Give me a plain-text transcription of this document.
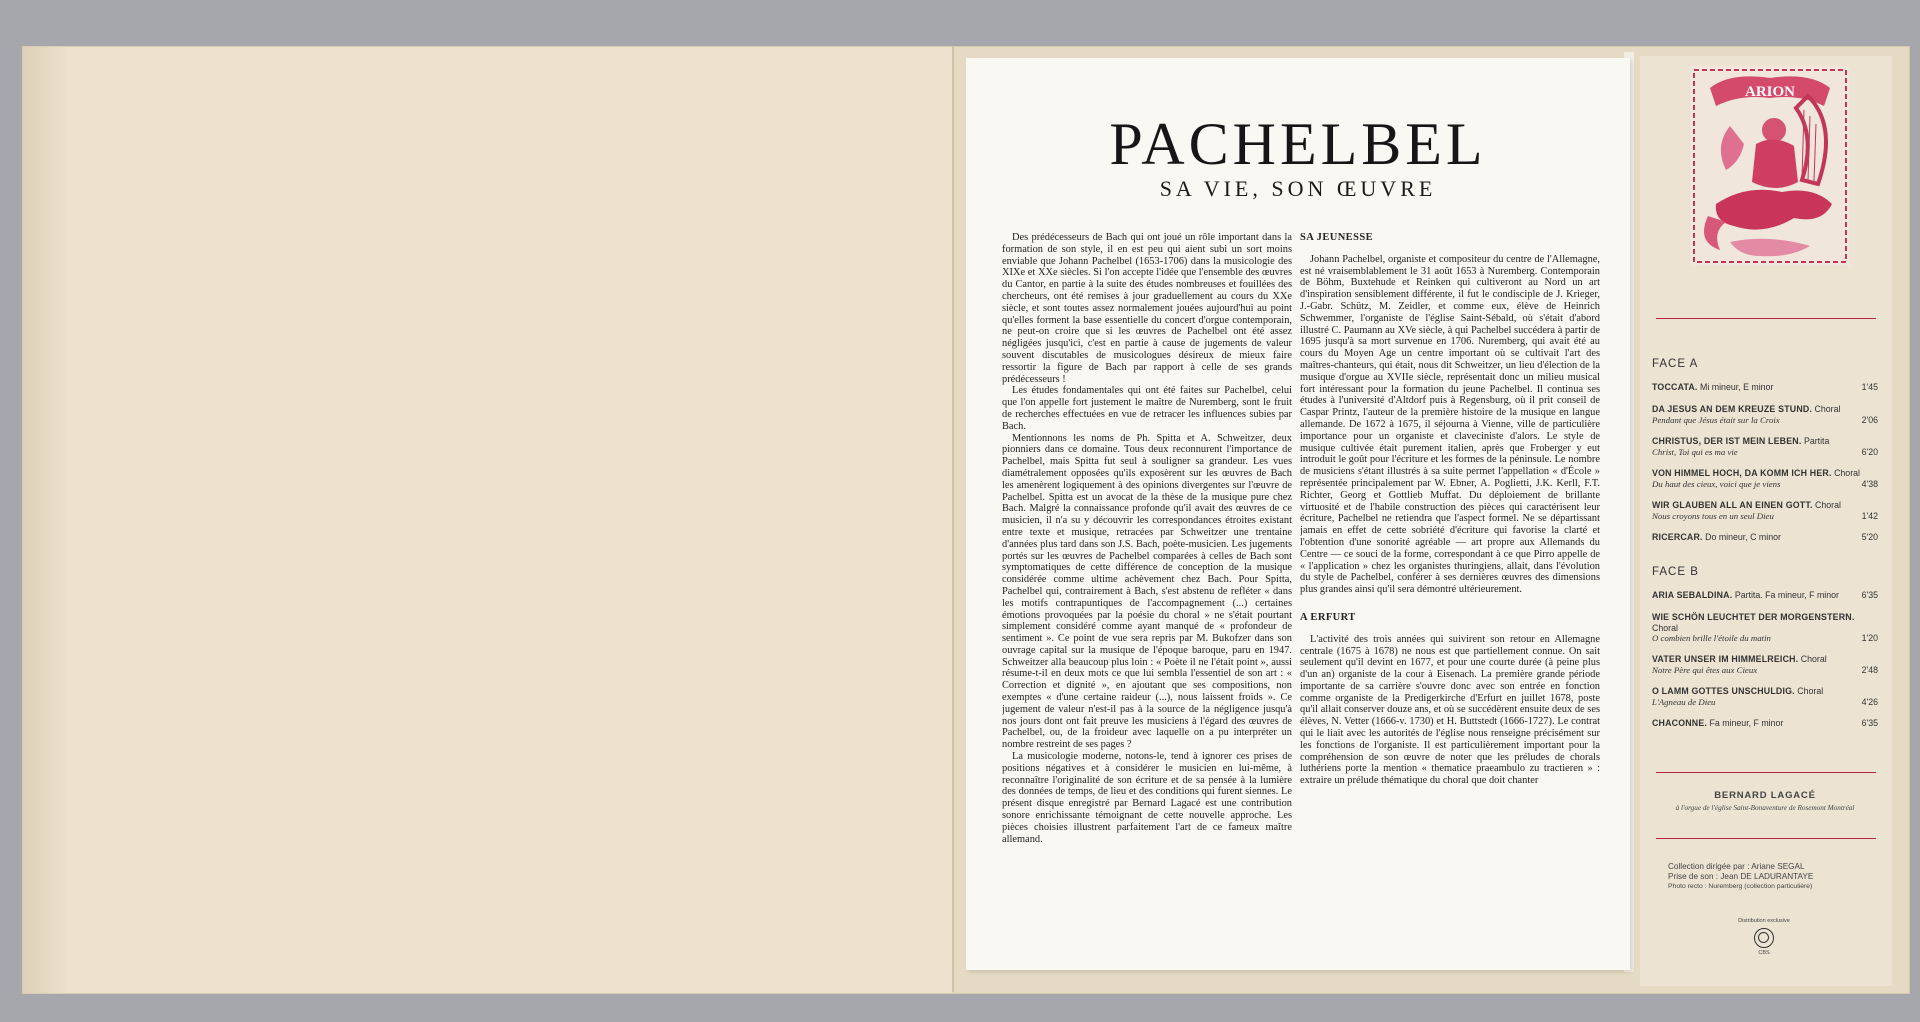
PACHELBEL
SA VIE, SON ŒUVRE

Des prédécesseurs de Bach qui ont joué un rôle important dans la formation de son style, il en est peu qui aient subi un sort moins enviable que Johann Pachelbel (1653-1706) dans la musicologie des XIXe et XXe siècles. Si l'on accepte l'idée que l'ensemble des œuvres du Cantor, en partie à la suite des études nombreuses et fouillées des chercheurs, ont été remises à jour graduellement au cours du XXe siècle, et sont toutes assez normalement jouées aujourd'hui au point qu'elles forment la base essentielle du concert d'orgue contemporain, ne peut-on croire que si les œuvres de Pachelbel ont été assez négligées jusqu'ici, c'est en partie à cause de jugements de valeur souvent discutables de musicologues désireux de mieux faire ressortir la figure de Bach par rapport à celle de ses grands prédécesseurs !

Les études fondamentales qui ont été faites sur Pachelbel, celui que l'on appelle fort justement le maître de Nuremberg, sont le fruit de recherches effectuées en vue de retracer les influences subies par Bach.

Mentionnons les noms de Ph. Spitta et A. Schweitzer, deux pionniers dans ce domaine. Tous deux reconnurent l'importance de Pachelbel, mais Spitta fut seul à souligner sa grandeur. Les vues diamétralement opposées qu'ils exposèrent sur les œuvres de Bach les amenèrent logiquement à des opinions divergentes sur l'œuvre de Pachelbel. Spitta est un avocat de la thèse de la musique pure chez Bach. Malgré la connaissance profonde qu'il avait des œuvres de ce musicien, il n'a su y découvrir les correspondances étroites existant entre texte et musique, retracées par Schweitzer une trentaine d'années plus tard dans son J.S. Bach, poète-musicien. Les jugements portés sur les œuvres de Pachelbel comparées à celles de Bach sont symptomatiques de cette différence de conception de la musique considérée comme ultime achèvement chez Bach. Pour Spitta, Pachelbel qui, contrairement à Bach, s'est abstenu de refléter « dans les motifs contrapuntiques de l'accompagnement (...) certaines émotions provoquées par la poésie du choral » ne s'était pourtant simplement considéré comme ayant manqué de « profondeur de sentiment ». Ce point de vue sera repris par M. Bukofzer dans son ouvrage capital sur la musique de l'époque baroque, paru en 1947. Schweitzer alla beaucoup plus loin : « Poète il ne l'était point », aussi résume-t-il en deux mots ce que lui sembla l'essentiel de son art : « Correction et dignité », en ajoutant que ses compositions, non exemptes « d'une certaine raideur (...), nous laissent froids ». Ce jugement de valeur n'est-il pas à la source de la négligence jusqu'à nos jours dont ont fait preuve les musiciens à l'égard des œuvres de Pachelbel, ou, de la froideur avec laquelle on a pu interpréter un nombre restreint de ses pages ?

La musicologie moderne, notons-le, tend à ignorer ces prises de positions négatives et à considérer le musicien en lui-même, à reconnaître l'originalité de son écriture et de sa pensée à la lumière des données de temps, de lieu et des conditions qui furent siennes. Le présent disque enregistré par Bernard Lagacé est une contribution sonore enrichissante témoignant de cette nouvelle approche. Les pièces choisies illustrent parfaitement l'art de ce fameux maître allemand.

SA JEUNESSE

Johann Pachelbel, organiste et compositeur du centre de l'Allemagne, est né vraisemblablement le 31 août 1653 à Nuremberg. Contemporain de Böhm, Buxtehude et Reinken qui cultiveront au Nord un art d'inspiration sensiblement différente, il fut le condisciple de J. Krieger, J.-Gabr. Schütz, M. Zeidler, et comme eux, élève de Heinrich Schwemmer, l'organiste de l'église Saint-Sébald, où s'était d'abord illustré C. Paumann au XVe siècle, à qui Pachelbel succédera à partir de 1695 jusqu'à sa mort survenue en 1706. Nuremberg, qui avait été au cours du Moyen Age un centre important où se cultivait l'art des maîtres-chanteurs, qui était, nous dit Schweitzer, un lieu d'élection de la musique d'orgue au XVIIe siècle, représentait donc un milieu musical fort intéressant pour la formation du jeune Pachelbel. Il continua ses études à l'université d'Altdorf puis à Regensburg, où il prit conseil de Caspar Printz, l'auteur de la première histoire de la musique en langue allemande. De 1672 à 1675, il séjourna à Vienne, ville de particulière importance pour un organiste et claveciniste d'alors. Le style de musique cultivée était purement italien, après que Froberger y eut introduit le goût pour l'écriture et les formes de la péninsule. Le nombre de musiciens s'étant illustrés à sa suite permet l'appellation « d'École » représentée principalement par W. Ebner, A. Poglietti, J.K. Kerll, F.T. Richter, Georg et Gottlieb Muffat. Du déploiement de brillante virtuosité et de l'habile construction des pièces qui caractérisent leur écriture, Pachelbel ne retiendra que l'aspect formel. Ne se départissant jamais en effet de cette sobriété d'écriture qui favorise la clarté et l'obtention d'une sonorité agréable — art propre aux Allemands du Centre — ce souci de la forme, correspondant à ce que Pirro appelle de « l'application » chez les organistes thuringiens, allait, dans l'évolution du style de Pachelbel, conférer à ses dernières œuvres des dimensions plus grandes ainsi qu'il sera démontré ultérieurement.

A ERFURT

L'activité des trois années qui suivirent son retour en Allemagne centrale (1675 à 1678) ne nous est que partiellement connue. On sait seulement qu'il devint en 1677, et pour une courte durée (à peine plus d'un an) organiste de la cour à Eisenach. La première grande période importante de sa carrière s'ouvre donc avec son entrée en fonction comme organiste de la Predigerkirche d'Erfurt en juillet 1678, poste qu'il allait conserver douze ans, et où se succédèrent ensuite deux de ses élèves, N. Vetter (1666-v. 1730) et H. Buttstedt (1666-1727). Le contrat qui le liait avec les autorités de l'église nous renseigne précisément sur les fonctions de l'organiste. Il est particulièrement important pour la compréhension de son œuvre de noter que les préludes de chorals luthériens porte la mention « thematice praeambulo zu tractieren » : extraire un prélude thématique du choral que doit chanter

ARION
FACE A
TOCCATA. Mi mineur, E minor	1'45
DA JESUS AN DEM KREUZE STUND. Choral
Pendant que Jésus était sur la Croix	2'06
CHRISTUS, DER IST MEIN LEBEN. Partita
Christ, Toi qui es ma vie	6'20
VON HIMMEL HOCH, DA KOMM ICH HER. Choral
Du haut des cieux, voici que je viens	4'38
WIR GLAUBEN ALL AN EINEN GOTT. Choral
Nous croyons tous en un seul Dieu	1'42
RICERCAR. Do mineur, C minor	5'20
FACE B
ARIA SEBALDINA. Partita. Fa mineur, F minor	6'35
WIE SCHÖN LEUCHTET DER MORGENSTERN.
Choral
O combien brille l'étoile du matin	1'20
VATER UNSER IM HIMMELREICH. Choral
Notre Père qui êtes aux Cieux	2'48
O LAMM GOTTES UNSCHULDIG. Choral
L'Agneau de Dieu	4'26
CHACONNE. Fa mineur, F minor	6'35
BERNARD LAGACÉ
à l'orgue de l'église Saint-Bonaventure de Rosemont Montréal
Collection dirigée par : Ariane SEGAL
Prise de son : Jean DE LADURANTAYE
Photo recto : Nuremberg (collection particulière)
Distribution exclusive
CBS
